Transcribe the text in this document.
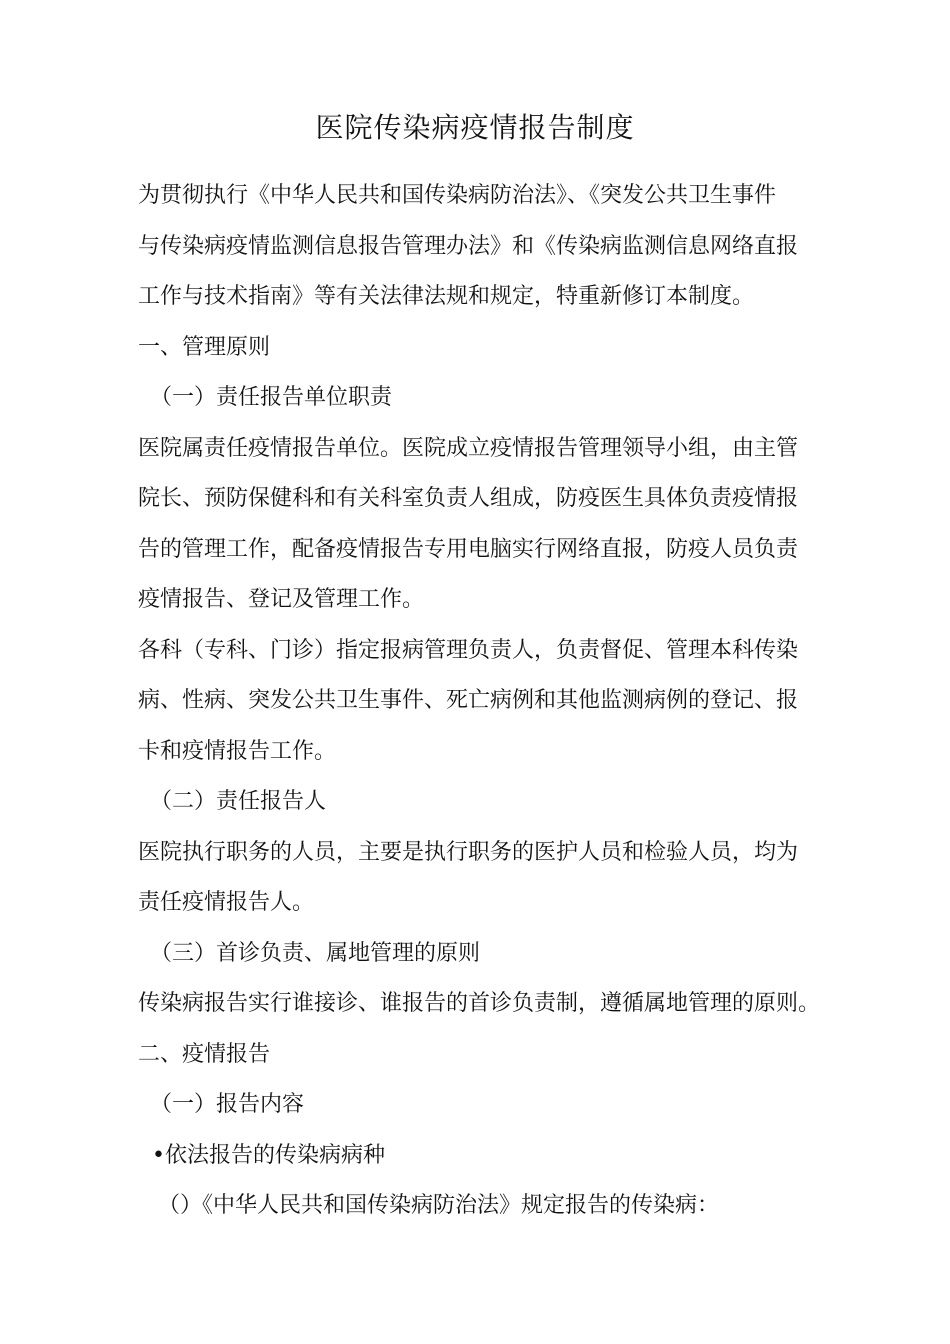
医院传染病疫情报告制度
为贯彻执行《中华人民共和国传染病防治法》、《突发公共卫生事件
与传染病疫情监测信息报告管理办法》和《传染病监测信息网络直报
工作与技术指南》等有关法律法规和规定，特重新修订本制度。
一、管理原则
（一）责任报告单位职责
医院属责任疫情报告单位。医院成立疫情报告管理领导小组，由主管
院长、预防保健科和有关科室负责人组成，防疫医生具体负责疫情报
告的管理工作，配备疫情报告专用电脑实行网络直报，防疫人员负责
疫情报告、登记及管理工作。
各科（专科、门诊）指定报病管理负责人，负责督促、管理本科传染
病、性病、突发公共卫生事件、死亡病例和其他监测病例的登记、报
卡和疫情报告工作。
（二）责任报告人
医院执行职务的人员，主要是执行职务的医护人员和检验人员，均为
责任疫情报告人。
（三）首诊负责、属地管理的原则
传染病报告实行谁接诊、谁报告的首诊负责制，遵循属地管理的原则。
二、疫情报告
（一）报告内容
•依法报告的传染病病种
（）《中华人民共和国传染病防治法》规定报告的传染病：
